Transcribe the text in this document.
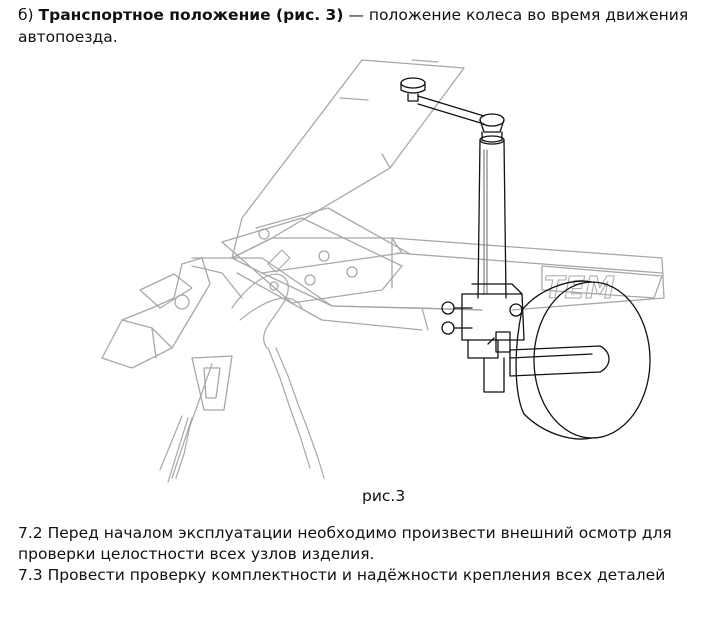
б) Транспортное положение (рис. 3) — положение колеса во время движения автопоезда.

TEM
рис.3

7.2 Перед началом эксплуатации необходимо произвести внешний осмотр для проверки целостности всех узлов изделия.

7.3 Провести проверку комплектности и надёжности крепления всех деталей
